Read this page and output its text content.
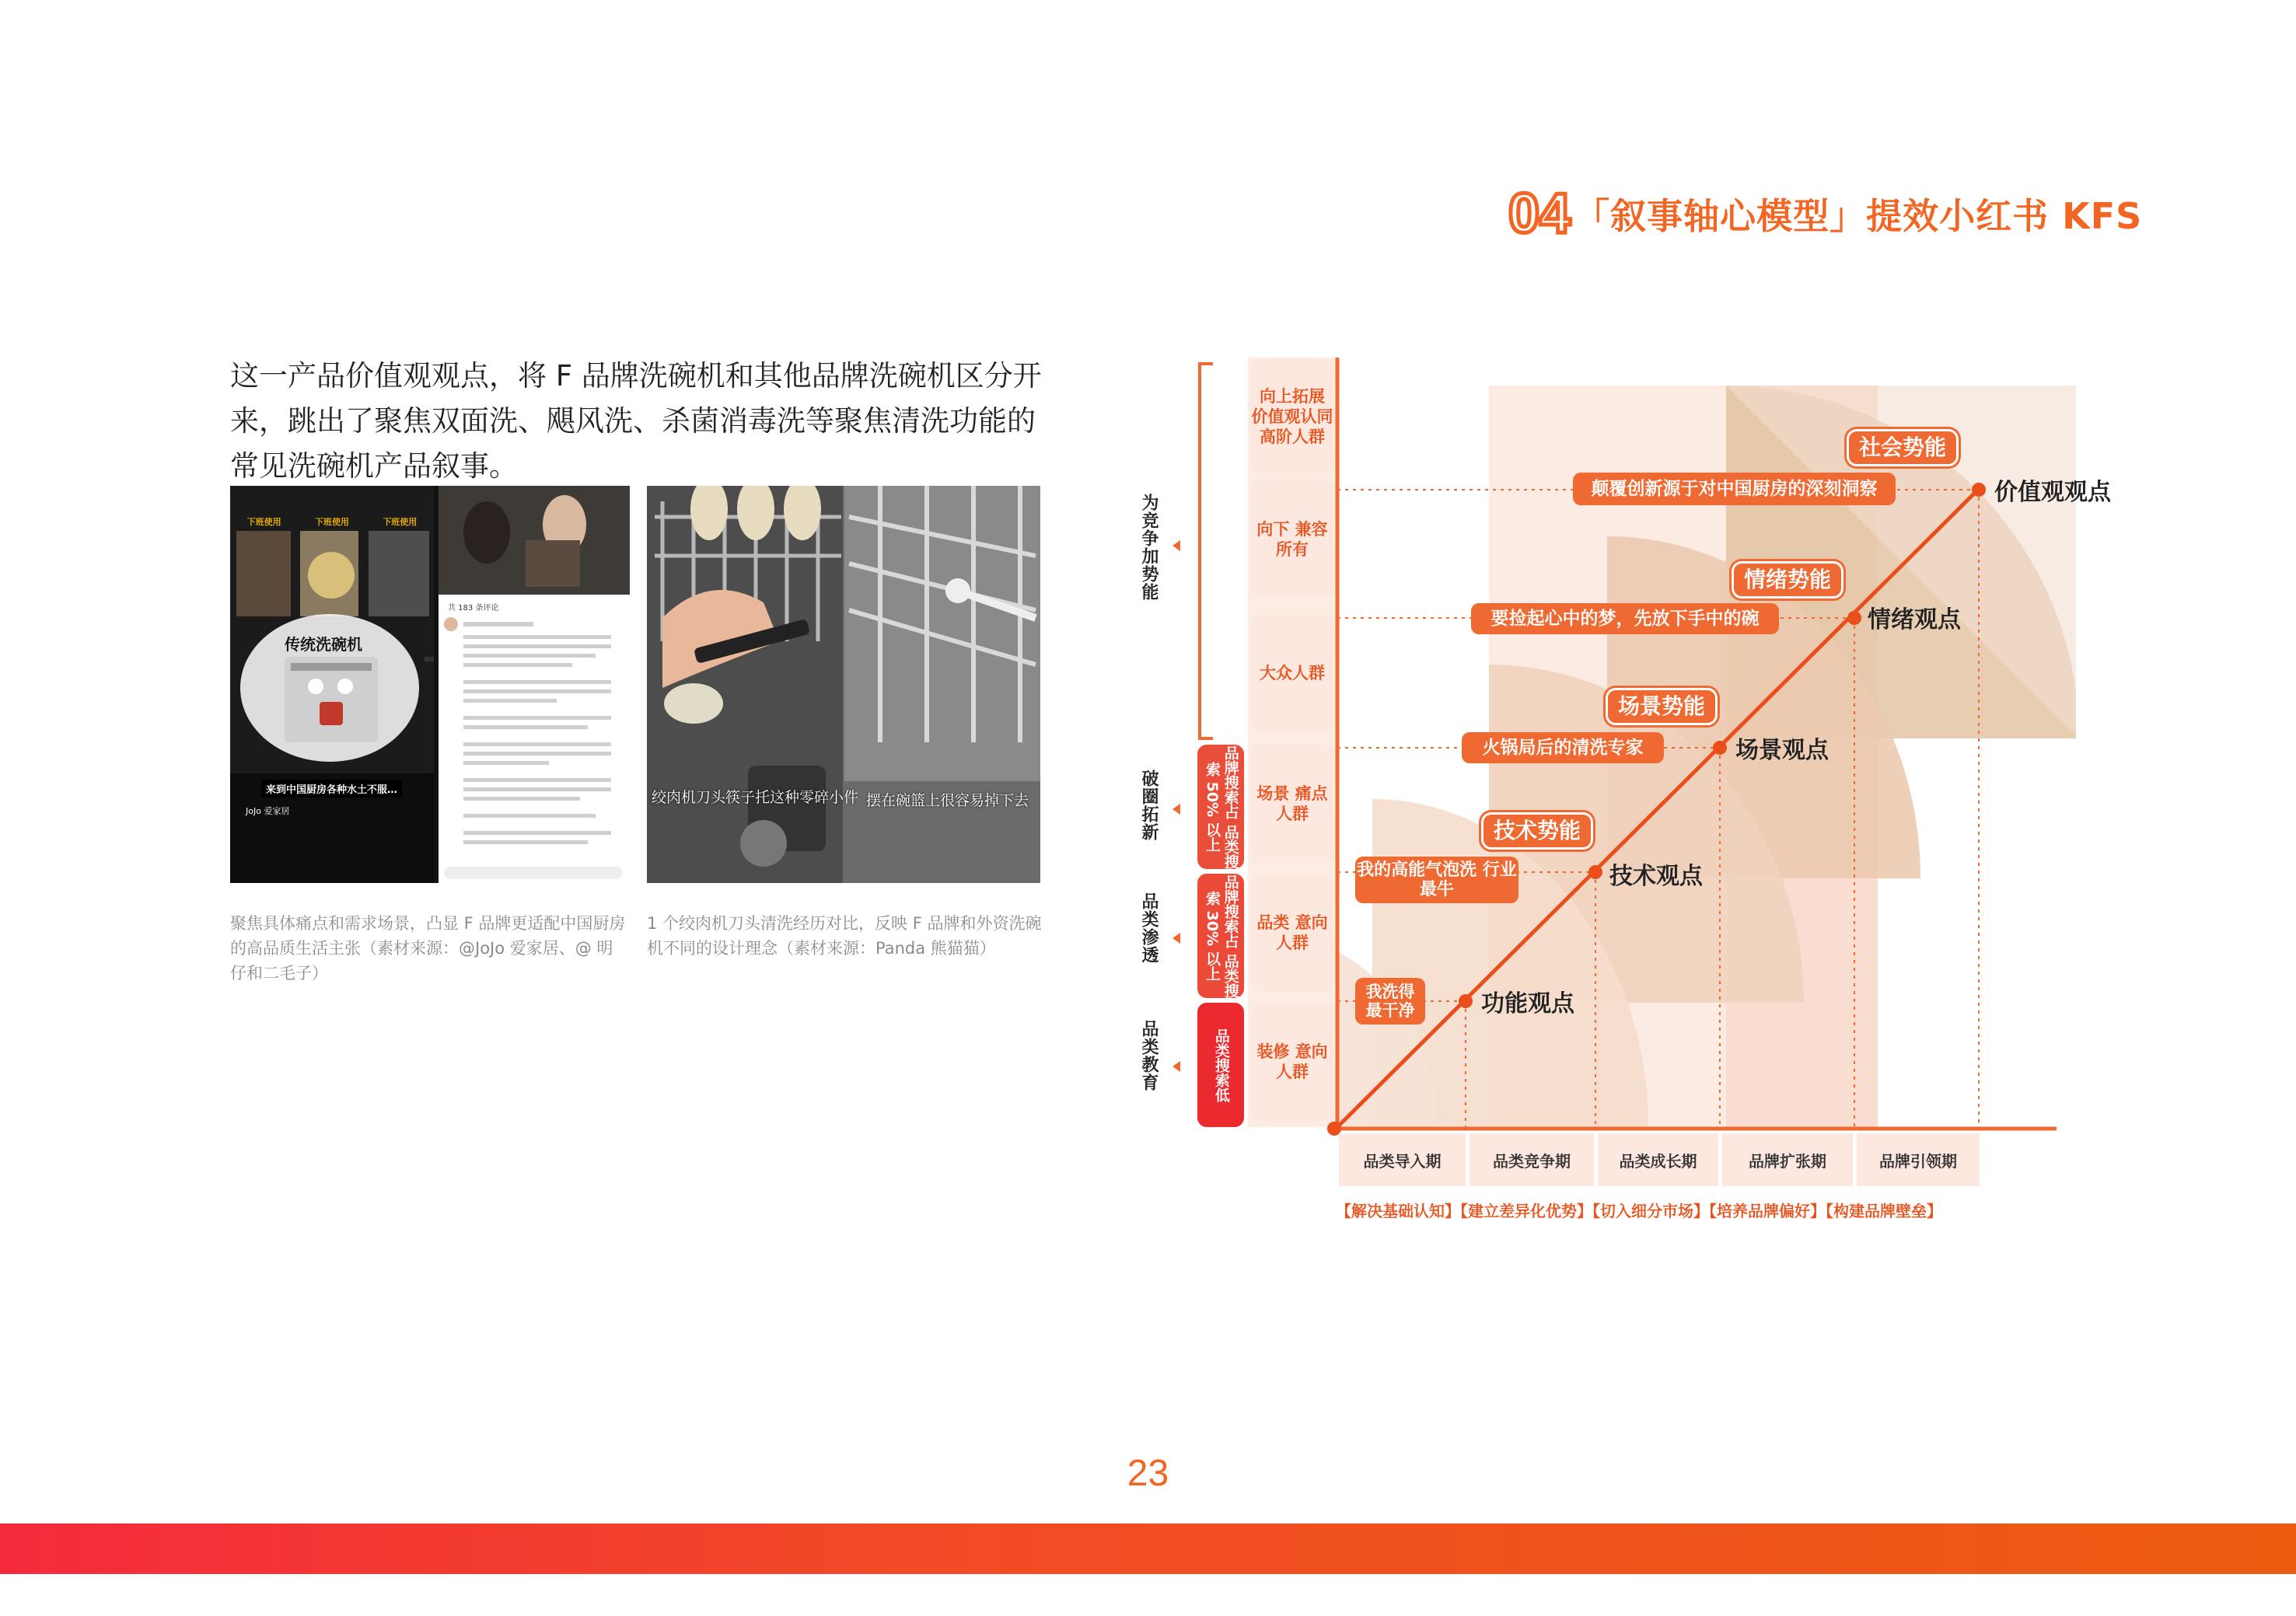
04 「叙事轴心模型」提效小红书 KFS
这一产品价值观观点，将 F 品牌洗碗机和其他品牌洗碗机区分开来，跳出了聚焦双面洗、飓风洗、杀菌消毒洗等聚焦清洗功能的常见洗碗机产品叙事。
下班使用	下班使用	下班使用
传统洗碗机
来到中国厨房各种水土不服…
JoJo 爱家居
共 183 条评论
绞肉机刀头筷子托这种零碎小件 摆在碗篮上很容易掉下去
聚焦具体痛点和需求场景，凸显 F 品牌更适配中国厨房的高品质生活主张（素材来源：@JoJo 爱家居、@ 明仔和二毛子）
1 个绞肉机刀头清洗经历对比，反映 F 品牌和外资洗碗机不同的设计理念（素材来源：Panda 熊猫猫）
为竞争加势能
破圈拓新
品类渗透
品类教育
品牌搜索占 品类搜索 50% 以上
品牌搜索占 品类搜索 30% 以上
品类搜索低
向上拓展 价值观认同 高阶人群
向下 兼容所有
大众人群
场景 痛点人群
品类 意向人群
装修 意向人群
品类导入期	品类竞争期	品类成长期	品牌扩张期	品牌引领期
【解决基础认知】【建立差异化优势】【切入细分市场】【培养品牌偏好】【构建品牌壁垒】
我洗得 最干净
我的高能气泡洗 行业最牛
火锅局后的清洗专家
要捡起心中的梦，先放下手中的碗
颠覆创新源于对中国厨房的深刻洞察
技术势能
场景势能
情绪势能
社会势能
功能观点
技术观点
场景观点
情绪观点
价值观观点
23
